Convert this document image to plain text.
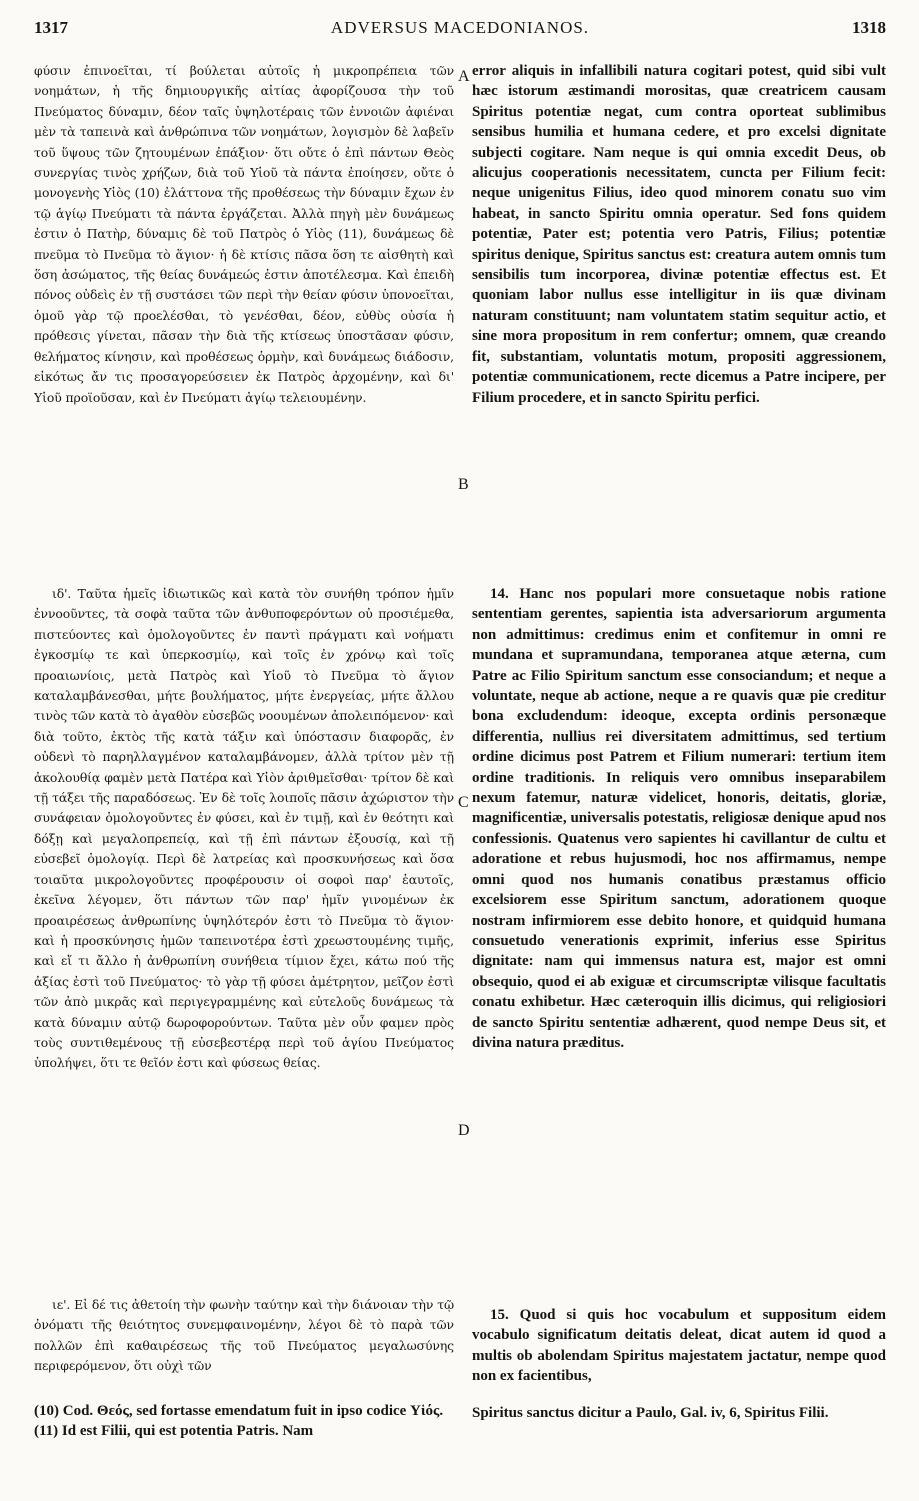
1317	ADVERSUS MACEDONIANOS.	1318

φύσιν ἐπινοεῖται, τί βούλεται αὐτοῖς ἡ μικροπρέπεια τῶν νοημάτων, ἡ τῆς δημιουργικῆς αἰτίας ἀφορίζουσα τὴν τοῦ Πνεύματος δύναμιν, δέον ταῖς ὑψηλοτέραις τῶν ἐννοιῶν ἀφιέναι μὲν τὰ ταπεινὰ καὶ ἀνθρώπινα τῶν νοημάτων, λογισμὸν δὲ λαβεῖν τοῦ ὕψους τῶν ζητουμένων ἐπάξιον· ὅτι οὔτε ὁ ἐπὶ πάντων Θεὸς συνεργίας τινὸς χρήζων, διὰ τοῦ Υἱοῦ τὰ πάντα ἐποίησεν, οὔτε ὁ μονογενὴς Υἱὸς (10) ἐλάττονα τῆς προθέσεως τὴν δύναμιν ἔχων ἐν τῷ ἁγίῳ Πνεύματι τὰ πάντα ἐργάζεται. Ἀλλὰ πηγὴ μὲν δυνάμεως ἐστιν ὁ Πατὴρ, δύναμις δὲ τοῦ Πατρὸς ὁ Υἱὸς (11), δυνάμεως δὲ πνεῦμα τὸ Πνεῦμα τὸ ἅγιον· ἡ δὲ κτίσις πᾶσα ὅση τε αἰσθητὴ καὶ ὅση ἀσώματος, τῆς θείας δυνάμεώς ἐστιν ἀποτέλεσμα. Καὶ ἐπειδὴ πόνος οὐδεὶς ἐν τῇ συστάσει τῶν περὶ τὴν θείαν φύσιν ὑπονοεῖται, ὁμοῦ γὰρ τῷ προελέσθαι, τὸ γενέσθαι, δέον, εὐθὺς οὐσία ἡ πρόθεσις γίνεται, πᾶσαν τὴν διὰ τῆς κτίσεως ὑποστᾶσαν φύσιν, θελήματος κίνησιν, καὶ προθέσεως ὁρμὴν, καὶ δυνάμεως διάδοσιν, εἰκότως ἄν τις προσαγορεύσειεν ἐκ Πατρὸς ἀρχομένην, καὶ δι' Υἱοῦ προϊοῦσαν, καὶ ἐν Πνεύματι ἁγίῳ τελειουμένην.

error aliquis in infallibili natura cogitari potest, quid sibi vult hæc istorum æstimandi morositas, quæ creatricem causam Spiritus potentiæ negat, cum contra oporteat sublimibus sensibus humilia et humana cedere, et pro excelsi dignitate subjecti cogitare. Nam neque is qui omnia excedit Deus, ob alicujus cooperationis necessitatem, cuncta per Filium fecit: neque unigenitus Filius, ideo quod minorem conatu suo vim habeat, in sancto Spiritu omnia operatur. Sed fons quidem potentiæ, Pater est; potentia vero Patris, Filius; potentiæ spiritus denique, Spiritus sanctus est: creatura autem omnis tum sensibilis tum incorporea, divinæ potentiæ effectus est. Et quoniam labor nullus esse intelligitur in iis quæ divinam naturam constituunt; nam voluntatem statim sequitur actio, et sine mora propositum in rem confertur; omnem, quæ creando fit, substantiam, voluntatis motum, propositi aggressionem, potentiæ communicationem, recte dicemus a Patre incipere, per Filium procedere, et in sancto Spiritu perfici.

A
B
C
D

ιδ'. Ταῦτα ἡμεῖς ἰδιωτικῶς καὶ κατὰ τὸν συνήθη τρόπον ἡμῖν ἐννοοῦντες, τὰ σοφὰ ταῦτα τῶν ἀνθυποφερόντων οὐ προσιέμεθα, πιστεύοντες καὶ ὁμολογοῦντες ἐν παντὶ πράγματι καὶ νοήματι ἐγκοσμίῳ τε καὶ ὑπερκοσμίῳ, καὶ τοῖς ἐν χρόνῳ καὶ τοῖς προαιωνίοις, μετὰ Πατρὸς καὶ Υἱοῦ τὸ Πνεῦμα τὸ ἅγιον καταλαμβάνεσθαι, μήτε βουλήματος, μήτε ἐνεργείας, μήτε ἄλλου τινὸς τῶν κατὰ τὸ ἀγαθὸν εὐσεβῶς νοουμένων ἀπολειπόμενον· καὶ διὰ τοῦτο, ἐκτὸς τῆς κατὰ τάξιν καὶ ὑπόστασιν διαφορᾶς, ἐν οὐδενὶ τὸ παρηλλαγμένον καταλαμβάνομεν, ἀλλὰ τρίτον μὲν τῇ ἀκολουθίᾳ φαμὲν μετὰ Πατέρα καὶ Υἱὸν ἀριθμεῖσθαι· τρίτον δὲ καὶ τῇ τάξει τῆς παραδόσεως. Ἐν δὲ τοῖς λοιποῖς πᾶσιν ἀχώριστον τὴν συνάφειαν ὁμολογοῦντες ἐν φύσει, καὶ ἐν τιμῇ, καὶ ἐν θεότητι καὶ δόξῃ καὶ μεγαλοπρεπείᾳ, καὶ τῇ ἐπὶ πάντων ἐξουσίᾳ, καὶ τῇ εὐσεβεῖ ὁμολογίᾳ. Περὶ δὲ λατρείας καὶ προσκυνήσεως καὶ ὅσα τοιαῦτα μικρολογοῦντες προφέρουσιν οἱ σοφοὶ παρ' ἑαυτοῖς, ἐκεῖνα λέγομεν, ὅτι πάντων τῶν παρ' ἡμῖν γινομένων ἐκ προαιρέσεως ἀνθρωπίνης ὑψηλότερόν ἐστι τὸ Πνεῦμα τὸ ἅγιον· καὶ ἡ προσκύνησις ἡμῶν ταπεινοτέρα ἐστὶ χρεωστουμένης τιμῆς, καὶ εἴ τι ἄλλο ἡ ἀνθρωπίνη συνήθεια τίμιον ἔχει, κάτω πού τῆς ἀξίας ἐστὶ τοῦ Πνεύματος· τὸ γὰρ τῇ φύσει ἀμέτρητον, μεῖζον ἐστὶ τῶν ἀπὸ μικρᾶς καὶ περιγεγραμμένης καὶ εὐτελοῦς δυνάμεως τὰ κατὰ δύναμιν αὐτῷ δωροφορούντων. Ταῦτα μὲν οὖν φαμεν πρὸς τοὺς συντιθεμένους τῇ εὐσεβεστέρᾳ περὶ τοῦ ἁγίου Πνεύματος ὑπολήψει, ὅτι τε θεῖόν ἐστι καὶ φύσεως θείας.

14. Hanc nos populari more consuetaque nobis ratione sententiam gerentes, sapientia ista adversariorum argumenta non admittimus: credimus enim et confitemur in omni re mundana et supramundana, temporanea atque æterna, cum Patre ac Filio Spiritum sanctum esse consociandum; et neque a voluntate, neque ab actione, neque a re quavis quæ pie creditur bona excludendum: ideoque, excepta ordinis personæque differentia, nullius rei diversitatem admittimus, sed tertium ordine dicimus post Patrem et Filium numerari: tertium item ordine traditionis. In reliquis vero omnibus inseparabilem nexum fatemur, naturæ videlicet, honoris, deitatis, gloriæ, magnificentiæ, universalis potestatis, religiosæ denique apud nos confessionis. Quatenus vero sapientes hi cavillantur de cultu et adoratione et rebus hujusmodi, hoc nos affirmamus, nempe omni quod nos humanis conatibus præstamus officio excelsiorem esse Spiritum sanctum, adorationem quoque nostram infirmiorem esse debito honore, et quidquid humana consuetudo venerationis exprimit, inferius esse Spiritus dignitate: nam qui immensus natura est, major est omni obsequio, quod ei ab exiguæ et circumscriptæ vilisque facultatis conatu exhibetur. Hæc cæteroquin illis dicimus, qui religiosiori de sancto Spiritu sententiæ adhærent, quod nempe Deus sit, et divina natura præditus.

ιε'. Εἰ δέ τις ἀθετοίη τὴν φωνὴν ταύτην καὶ τὴν διάνοιαν τὴν τῷ ὀνόματι τῆς θειότητος συνεμφαινομένην, λέγοι δὲ τὸ παρὰ τῶν πολλῶν ἐπὶ καθαιρέσεως τῆς τοῦ Πνεύματος μεγαλωσύνης περιφερόμενον, ὅτι οὐχὶ τῶν

15. Quod si quis hoc vocabulum et suppositum eidem vocabulo significatum deitatis deleat, dicat autem id quod a multis ob abolendam Spiritus majestatem jactatur, nempe quod non ex facientibus,

(10) Cod. Θεός, sed fortasse emendatum fuit in ipso codice Υἱός.

(11) Id est Filii, qui est potentia Patris. Nam

Spiritus sanctus dicitur a Paulo, Gal. iv, 6, Spiritus Filii.
